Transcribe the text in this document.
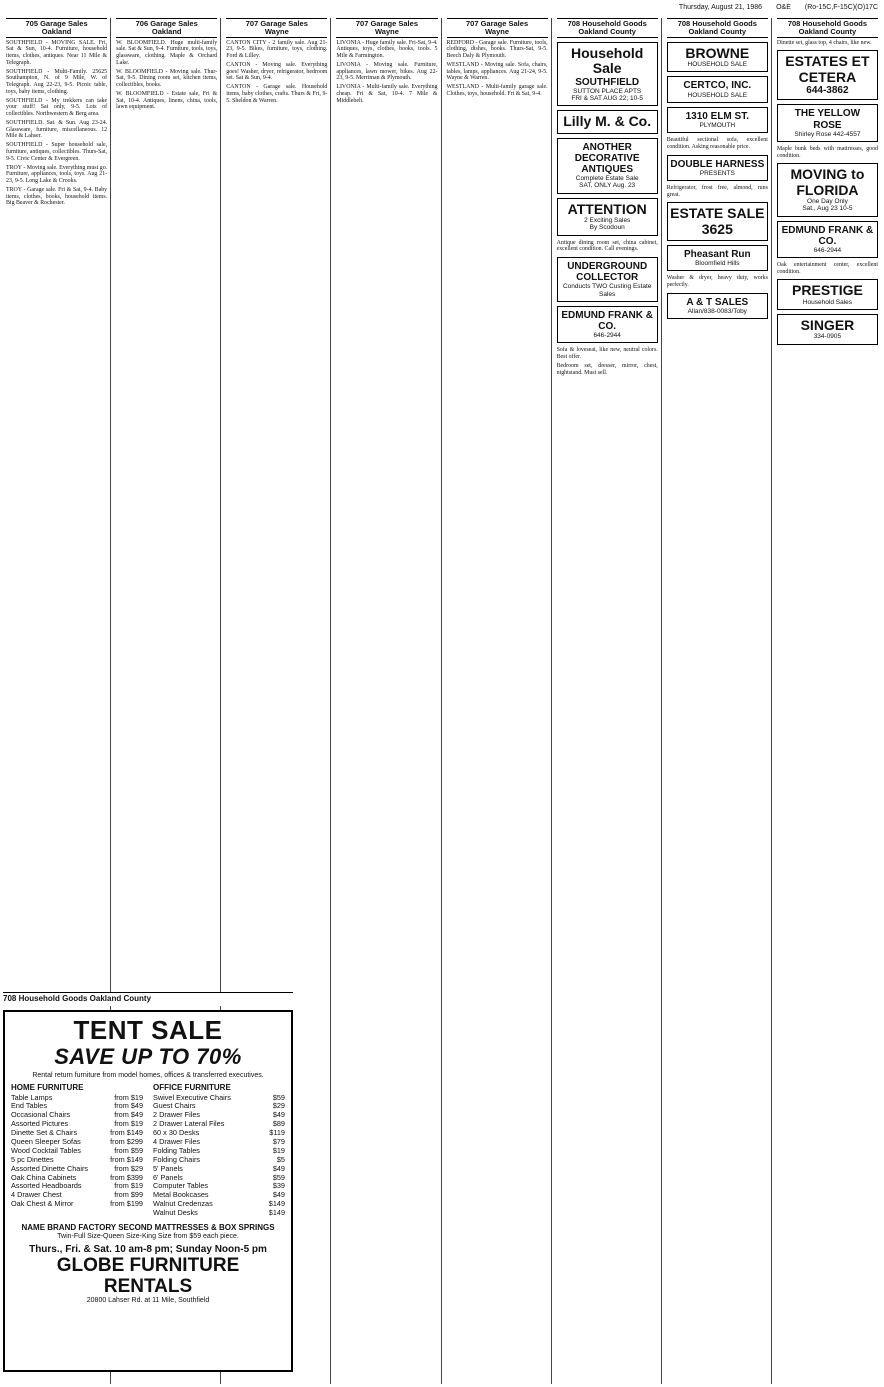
Thursday, August 21, 1986 O&E (Ro-15C,F-15C)(O)17C
705 Garage Sales
Oakland
SOUTHFIELD - MOVING SALE. Fri, Sat & Sun, 10-4. Furniture, household items, clothes, antiques. Near 11 Mile & Telegraph.
SOUTHFIELD - Multi-Family. 25625 Southampton, N. of 9 Mile, W. of Telegraph. Aug 22-23, 9-5. Picnic table, toys, baby items, clothing.
SOUTHFIELD - My trekkers can take your stuff! Sat only, 9-5. Lots of collectibles. Northwestern & Berg area.
SOUTHFIELD. Sat. & Sun. Aug 23-24. Glassware, furniture, miscellaneous. 12 Mile & Lahser.
SOUTHFIELD - Super household sale, furniture, antiques, collectibles. Thurs-Sat, 9-5. Civic Center & Evergreen.
TROY - Moving sale. Everything must go. Furniture, appliances, tools, toys. Aug 21-23, 9-5. Long Lake & Crooks.
TROY - Garage sale. Fri & Sat, 9-4. Baby items, clothes, books, household items. Big Beaver & Rochester.
706 Garage Sales
Oakland
W. BLOOMFIELD. Huge multi-family sale. Sat & Sun, 9-4. Furniture, tools, toys, glassware, clothing. Maple & Orchard Lake.
W. BLOOMFIELD - Moving sale. Thur-Sat, 9-5. Dining room set, kitchen items, collectibles, books.
W. BLOOMFIELD - Estate sale, Fri & Sat, 10-4. Antiques, linens, china, tools, lawn equipment.
707 Garage Sales
Wayne
CANTON CITY - 2 family sale. Aug 21-23, 9-5. Bikes, furniture, toys, clothing. Ford & Lilley.
CANTON - Moving sale. Everything goes! Washer, dryer, refrigerator, bedroom set. Sat & Sun, 9-4.
CANTON - Garage sale. Household items, baby clothes, crafts. Thurs & Fri, 9-5. Sheldon & Warren.
707 Garage Sales
Wayne
LIVONIA - Huge family sale. Fri-Sat, 9-4. Antiques, toys, clothes, books, tools. 5 Mile & Farmington.
LIVONIA - Moving sale. Furniture, appliances, lawn mower, bikes. Aug 22-23, 9-5. Merriman & Plymouth.
LIVONIA - Multi-family sale. Everything cheap. Fri & Sat, 10-4. 7 Mile & Middlebelt.
707 Garage Sales
Wayne
REDFORD - Garage sale. Furniture, tools, clothing, dishes, books. Thurs-Sat, 9-5. Beech Daly & Plymouth.
WESTLAND - Moving sale. Sofa, chairs, tables, lamps, appliances. Aug 21-24, 9-5. Wayne & Warren.
WESTLAND - Multi-family garage sale. Clothes, toys, household. Fri & Sat, 9-4.
708 Household Goods
Oakland County
Household Sale
SOUTHFIELD
SUTTON PLACE APTS
FRI & SAT AUG 22; 10-5
Lilly M. & Co.
ANOTHER DECORATIVE ANTIQUES
Complete Estate Sale
SAT, ONLY Aug. 23
ATTENTION
2 Exciting Sales
By Scodoun
Antique dining room set, china cabinet, excellent condition. Call evenings.
UNDERGROUND COLLECTOR
Conducts TWO Custing Estate Sales
EDMUND FRANK & CO.
646-2944
Sofa & loveseat, like new, neutral colors. Best offer.
Bedroom set, dresser, mirror, chest, nightstand. Must sell.
708 Household Goods
Oakland County
BROWNE
HOUSEHOLD SALE
CERTCO, INC.
HOUSEHOLD SALE
1310 ELM ST.
PLYMOUTH
Beautiful sectional sofa, excellent condition. Asking reasonable price.
DOUBLE HARNESS
PRESENTS
Refrigerator, frost free, almond, runs great.
ESTATE SALE
3625
Pheasant Run
Bloomfield Hills
Washer & dryer, heavy duty, works perfectly.
A & T SALES
Allan/838-0083/Toby
708 Household Goods
Oakland County
Dinette set, glass top, 4 chairs, like new.
ESTATES ET CETERA
644-3862
THE YELLOW ROSE
Shirley Rose 442-4557
Maple bunk beds with mattresses, good condition.
MOVING to FLORIDA
One Day Only
Sat., Aug 23 10-5
EDMUND FRANK & CO.
646-2944
Oak entertainment center, excellent condition.
PRESTIGE
Household Sales
SINGER
334-0905
708 Household Goods Oakland County
TENT SALE
SAVE UP TO 70%
Rental return furniture from model homes, offices & transferred executives.
HOME FURNITURE
Table Lamps	from $19
End Tables	from $49
Occasional Chairs	from $49
Assorted Pictures	from $19
Dinette Set & Chairs	from $149
Queen Sleeper Sofas	from $299
Wood Cocktail Tables	from $59
5 pc Dinettes	from $149
Assorted Dinette Chairs	from $29
Oak China Cabinets	from $399
Assorted Headboards	from $19
4 Drawer Chest	from $99
Oak Chest & Mirror	from $199
OFFICE FURNITURE
Swivel Executive Chairs	$59
Guest Chairs	$29
2 Drawer Files	$49
2 Drawer Lateral Files	$89
60 x 30 Desks	$119
4 Drawer Files	$79
Folding Tables	$19
Folding Chairs	$5
5' Panels	$49
6' Panels	$59
Computer Tables	$39
Metal Bookcases	$49
Walnut Credenzas	$149
Walnut Desks	$149
NAME BRAND FACTORY SECOND MATTRESSES & BOX SPRINGS
Twin-Full Size-Queen Size-King Size from $59 each piece.
Thurs., Fri. & Sat. 10 am-8 pm; Sunday Noon-5 pm
GLOBE FURNITURE RENTALS
20800 Lahser Rd. at 11 Mile, Southfield
